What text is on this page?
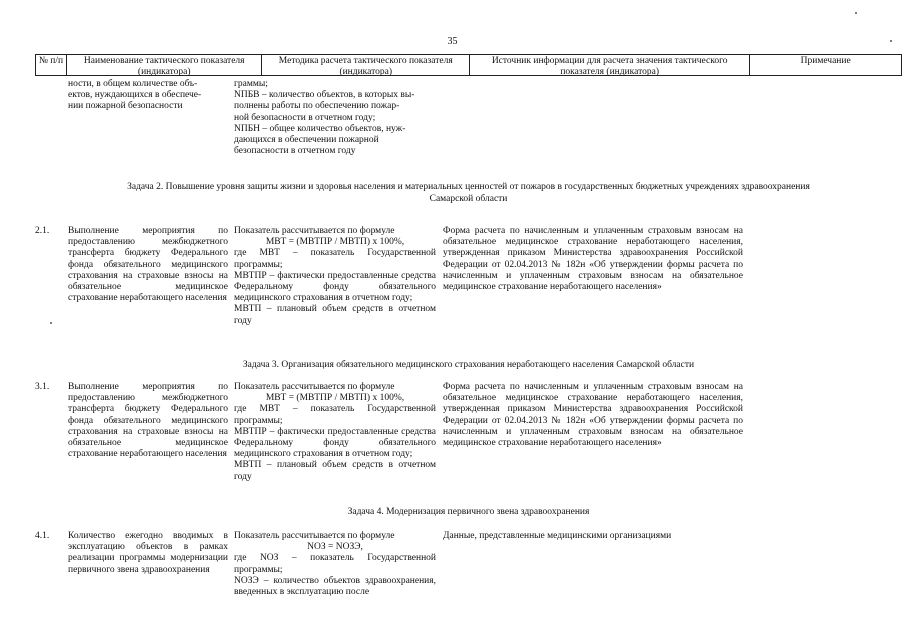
35
№ п/п	Наименование тактического показателя (индикатора)
Методика расчета тактического показателя (индикатора)
Источник информации для расчета значения тактического показателя (индикатора)
Примечание

ности, в общем количестве объ-

ектов, нуждающихся в обеспече-

нии пожарной безопасности

граммы;

NПБВ – количество объектов, в которых вы-

полнены работы по обеспечению пожар-

ной безопасности в отчетном году;

NПБН – общее количество объектов, нуж-

дающихся в обеспечении пожарной

безопасности в отчетном году

Задача 2. Повышение уровня защиты жизни и здоровья населения и материальных ценностей от пожаров в государственных бюджетных учреждениях здравоохранения Самарской области
2.1. Выполнение мероприятия по предоставлению межбюджетного трансферта бюджету Федерального фонда обязательного медицинского страхования на страховые взносы на обязательное медицинское страхование неработающего населения

Показатель рассчитывается по формуле

МВТ = (МВТПР / МВТП) x 100%,

где МВТ – показатель Государственной программы;

МВТПР – фактически предоставленные средства Федеральному фонду обязательного медицинского страхования в отчетном году;

МВТП – плановый объем средств в отчетном году

Форма расчета по начисленным и уплаченным страховым взносам на обязательное медицинское страхование неработающего населения, утвержденная приказом Министерства здравоохранения Российской Федерации от 02.04.2013 № 182н «Об утверждении формы расчета по начисленным и уплаченным страховым взносам на обязательное медицинское страхование неработающего населения»
Задача 3. Организация обязательного медицинского страхования неработающего населения Самарской области
3.1. Выполнение мероприятия по предоставлению межбюджетного трансферта бюджету Федерального фонда обязательного медицинского страхования на страховые взносы на обязательное медицинское страхование неработающего населения

Показатель рассчитывается по формуле

МВТ = (МВТПР / МВТП) x 100%,

где МВТ – показатель Государственной программы;

МВТПР – фактически предоставленные средства Федеральному фонду обязательного медицинского страхования в отчетном году;

МВТП – плановый объем средств в отчетном году

Форма расчета по начисленным и уплаченным страховым взносам на обязательное медицинское страхование неработающего населения, утвержденная приказом Министерства здравоохранения Российской Федерации от 02.04.2013 № 182н «Об утверждении формы расчета по начисленным и уплаченным страховым взносам на обязательное медицинское страхование неработающего населения»
Задача 4. Модернизация первичного звена здравоохранения
4.1. Количество ежегодно вводимых в эксплуатацию объектов в рамках реализации программы модернизации первичного звена здравоохранения

Показатель рассчитывается по формуле

NОЗ = NОЗЭ,

где NОЗ – показатель Государственной программы;

NОЗЭ – количество объектов здравоохранения, введенных в эксплуатацию после

Данные, представленные медицинскими организациями
